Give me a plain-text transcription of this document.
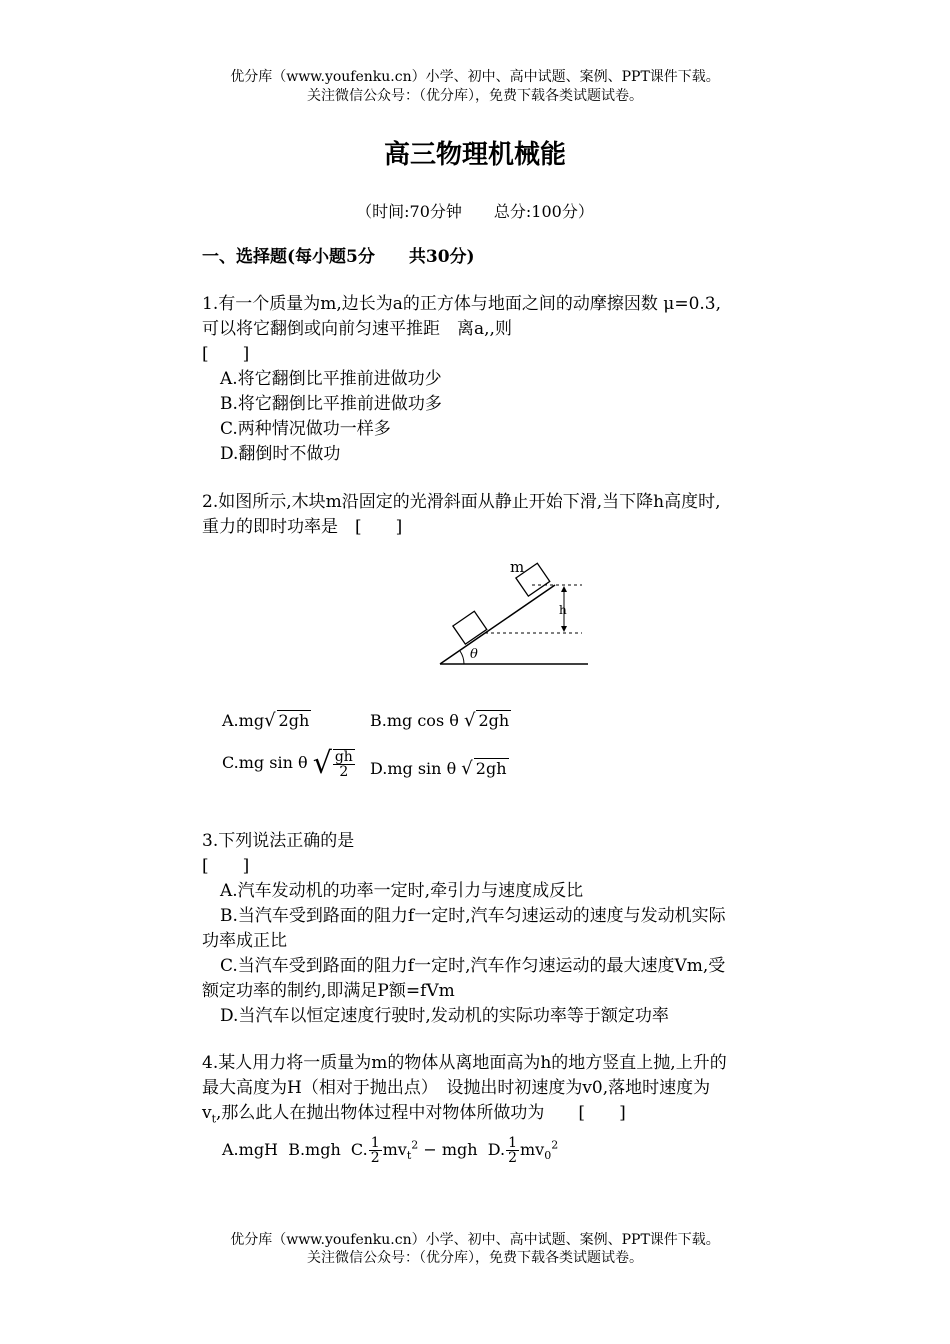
优分库（www.youfenku.cn）小学、初中、高中试题、案例、PPT课件下载。
关注微信公众号：（优分库），免费下载各类试题试卷。
高三物理机械能
（时间:70分钟　　总分:100分）
一、选择题(每小题5分　　共30分)
1.有一个质量为m,边长为a的正方体与地面之间的动摩擦因数 μ=0.3,
可以将它翻倒或向前匀速平推距　离a,,则
[　　]
A.将它翻倒比平推前进做功少
B.将它翻倒比平推前进做功多
C.两种情况做功一样多
D.翻倒时不做功
2.如图所示,木块m沿固定的光滑斜面从静止开始下滑,当下降h高度时,
重力的即时功率是　[　　]
m
h
θ
A.mg√ 2gh	B.mg cos θ √ 2gh
C.mg sin θ √ $\frac{gh}{2} D.mg$ sin θ √ 2gh
3.下列说法正确的是
[　　]
A.汽车发动机的功率一定时,牵引力与速度成反比
B.当汽车受到路面的阻力f一定时,汽车匀速运动的速度与发动机实际
功率成正比
C.当汽车受到路面的阻力f一定时,汽车作匀速运动的最大速度Vm,受
额定功率的制约,即满足P额=fVm
D.当汽车以恒定速度行驶时,发动机的实际功率等于额定功率
4.某人用力将一质量为m的物体从离地面高为h的地方竖直上抛,上升的
最大高度为H（相对于抛出点）　设抛出时初速度为v0,落地时速度为
$v_t$,那么此人在抛出物体过程中对物体所做功为　　[　　]
A.mgH B.mgh C. $\frac{1}{2} mv_t^2$ − mgh D. $\frac{1}{2} mv_0^2$
优分库（www.youfenku.cn）小学、初中、高中试题、案例、PPT课件下载。
关注微信公众号：（优分库），免费下载各类试题试卷。
